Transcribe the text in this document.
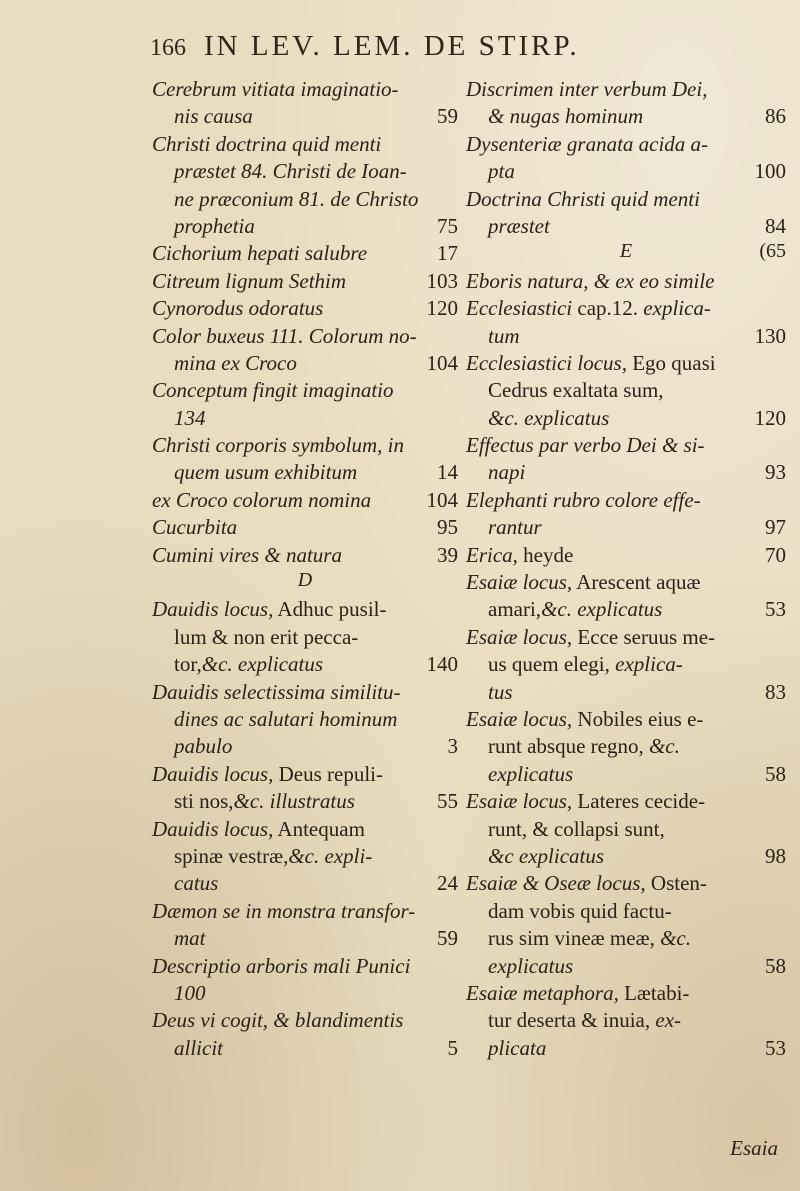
166 IN LEV. LEM. DE STIRP.
Cerebrum vitiata imaginatio-
nis causa	59
Christi doctrina quid menti
præstet 84. Christi de Ioan-
ne præconium 81. de Christo
prophetia	75
Cichorium hepati salubre	17
Citreum lignum Sethim	103
Cynorodus odoratus	120
Color buxeus 111. Colorum no-
mina ex Croco	104
Conceptum fingit imaginatio
134
Christi corporis symbolum, in
quem usum exhibitum	14
ex Croco colorum nomina	104
Cucurbita	95
Cumini vires & natura	39
D
Dauidis locus, Adhuc pusil-
lum & non erit pecca-
tor,&c. explicatus	140
Dauidis selectissima similitu-
dines ac salutari hominum
pabulo	3
Dauidis locus, Deus repuli-
sti nos,&c. illustratus	55
Dauidis locus, Antequam
spinæ vestræ,&c. expli-
catus	24
Dæmon se in monstra transfor-
mat	59
Descriptio arboris mali Punici
100
Deus vi cogit, & blandimentis
allicit	5
Discrimen inter verbum Dei,
& nugas hominum	86
Dysenteriæ granata acida a-
pta	100
Doctrina Christi quid menti
præstet	84
E	(65
Eboris natura, & ex eo simile
Ecclesiastici cap.12. explica-
tum	130
Ecclesiastici locus, Ego quasi
Cedrus exaltata sum,
&c. explicatus	120
Effectus par verbo Dei & si-
napi	93
Elephanti rubro colore effe-
rantur	97
Erica, heyde	70
Esaiæ locus, Arescent aquæ
amari,&c. explicatus	53
Esaiæ locus, Ecce seruus me-
us quem elegi, explica-
tus	83
Esaiæ locus, Nobiles eius e-
runt absque regno, &c.
explicatus	58
Esaiæ locus, Lateres cecide-
runt, & collapsi sunt,
&c explicatus	98
Esaiæ & Oseæ locus, Osten-
dam vobis quid factu-
rus sim vineæ meæ, &c.
explicatus	58
Esaiæ metaphora, Lætabi-
tur deserta & inuia, ex-
plicata	53
Esaia
